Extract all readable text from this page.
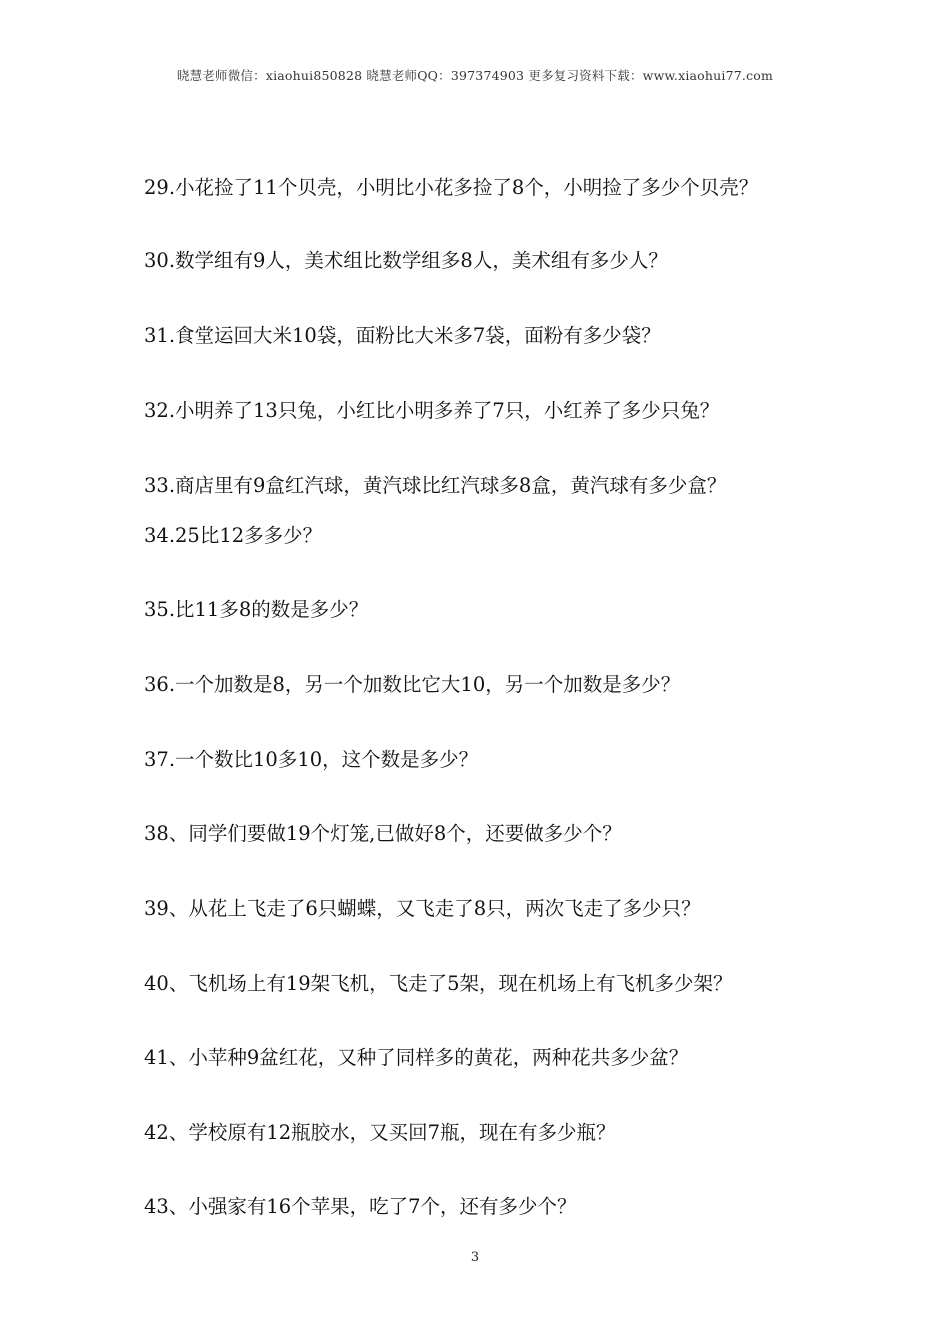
晓慧老师微信：xiaohui850828 晓慧老师QQ：397374903 更多复习资料下载：www.xiaohui77.com
29.小花捡了11个贝壳，小明比小花多捡了8个，小明捡了多少个贝壳？
30.数学组有9人，美术组比数学组多8人，美术组有多少人？
31.食堂运回大米10袋，面粉比大米多7袋，面粉有多少袋？
32.小明养了13只兔，小红比小明多养了7只，小红养了多少只兔？
33.商店里有9盒红汽球，黄汽球比红汽球多8盒，黄汽球有多少盒？
34.25比12多多少？
35.比11多8的数是多少？
36.一个加数是8，另一个加数比它大10，另一个加数是多少？
37.一个数比10多10，这个数是多少？
38、同学们要做19个灯笼,已做好8个，还要做多少个？
39、从花上飞走了6只蝴蝶，又飞走了8只，两次飞走了多少只？
40、飞机场上有19架飞机，飞走了5架，现在机场上有飞机多少架？
41、小苹种9盆红花，又种了同样多的黄花，两种花共多少盆？
42、学校原有12瓶胶水，又买回7瓶，现在有多少瓶？
43、小强家有16个苹果，吃了7个，还有多少个？
3
